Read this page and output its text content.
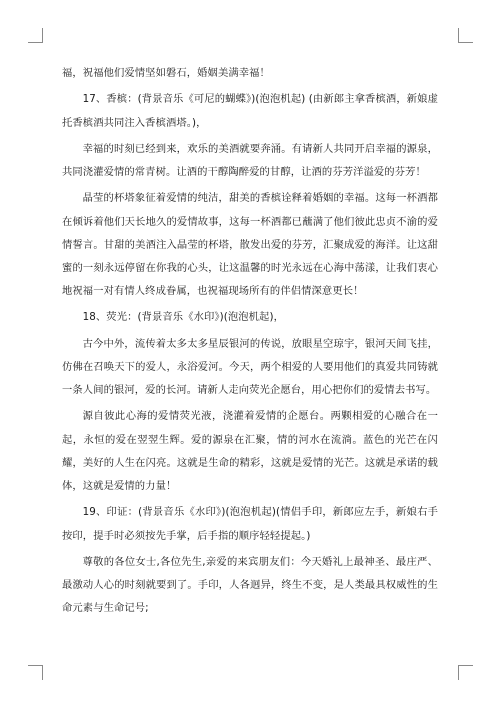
福，祝福他们爱情坚如磐石，婚姻美满幸福！

17、香槟：(背景音乐《可尼的蝴蝶》)(泡泡机起) (由新郎主拿香槟酒，新娘虚托香槟酒共同注入香槟酒塔。)，

幸福的时刻已经到来，欢乐的美酒就要奔涌。有请新人共同开启幸福的源泉，共同浇灌爱情的常青树。让酒的干醇陶醉爱的甘醇，让酒的芬芳洋溢爱的芬芳！

晶莹的杯塔象征着爱情的纯洁，甜美的香槟诠释着婚姻的幸福。这每一杯酒都在倾诉着他们天长地久的爱情故事，这每一杯酒都已蘸满了他们彼此忠贞不渝的爱情誓言。甘甜的美酒注入晶莹的杯塔，散发出爱的芬芳，汇聚成爱的海洋。让这甜蜜的一刻永远停留在你我的心头，让这温馨的时光永远在心海中荡漾，让我们衷心地祝福一对有情人终成眷属，也祝福现场所有的伴侣情深意更长！

18、荧光：(背景音乐《水印》)(泡泡机起)，

古今中外，流传着太多太多星辰银河的传说，放眼星空琼宇，银河天间飞挂，仿佛在召唤天下的爱人，永浴爱河。今天，两个相爱的人要用他们的真爱共同铸就一条人间的银河，爱的长河。请新人走向荧光企愿台，用心把你们的爱情去书写。

源自彼此心海的爱情荧光液，浇灌着爱情的企愿台。两颗相爱的心融合在一起，永恒的爱在翌翌生辉。爱的源泉在汇聚，情的河水在流淌。蓝色的光芒在闪耀，美好的人生在闪亮。这就是生命的精彩，这就是爱情的光芒。这就是承诺的载体，这就是爱情的力量！

19、印证：(背景音乐《水印》)(泡泡机起)(情侣手印，新郎应左手，新娘右手按印，提手时必须按先手掌，后手指的顺序轻轻提起。)

尊敬的各位女士,各位先生,亲爱的来宾朋友们：今天婚礼上最神圣、最庄严、最激动人心的时刻就要到了。手印，人各迥异，终生不变，是人类最具权威性的生命元素与生命记号;
